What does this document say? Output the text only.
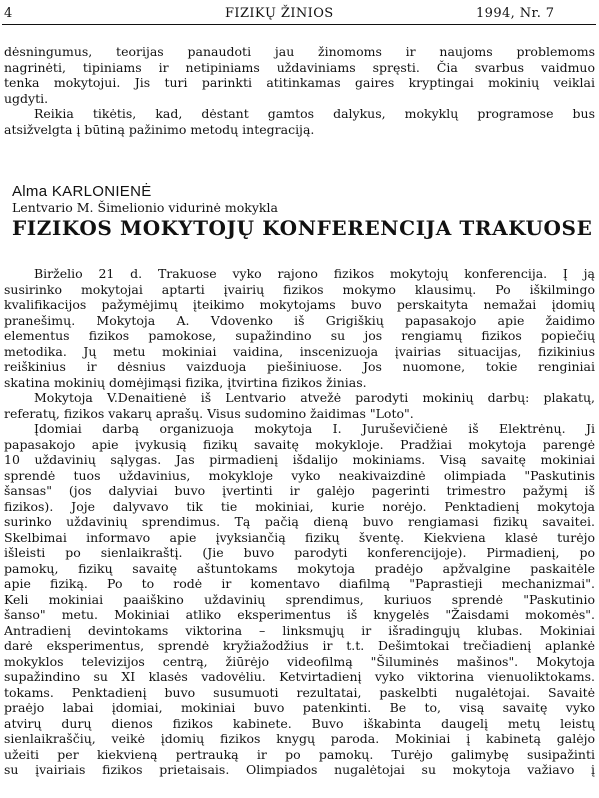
4	FIZIKŲ ŽINIOS	1994, Nr. 7
dėsningumus, teorijas panaudoti jau žinomoms ir naujoms problemoms
nagrinėti, tipiniams ir netipiniams uždaviniams spręsti. Čia svarbus vaidmuo
tenka mokytojui. Jis turi parinkti atitinkamas gaires kryptingai mokinių veiklai
ugdyti.
Reikia tikėtis, kad, dėstant gamtos dalykus, mokyklų programose bus
atsižvelgta į būtiną pažinimo metodų integraciją.
Alma KARLONIENĖ
Lentvario M. Šimelionio vidurinė mokykla
FIZIKOS MOKYTOJŲ KONFERENCIJA TRAKUOSE
Birželio 21 d. Trakuose vyko rajono fizikos mokytojų konferencija. Į ją
susirinko mokytojai aptarti įvairių fizikos mokymo klausimų. Po iškilmingo
kvalifikacijos pažymėjimų įteikimo mokytojams buvo perskaityta nemažai įdomių
pranešimų. Mokytoja A. Vdovenko iš Grigiškių papasakojo apie žaidimo
elementus fizikos pamokose, supažindino su jos rengiamų fizikos popiečių
metodika. Jų metu mokiniai vaidina, inscenizuoja įvairias situacijas, fizikinius
reiškinius ir dėsnius vaizduoja piešiniuose. Jos nuomone, tokie renginiai
skatina mokinių domėjimąsi fizika, įtvirtina fizikos žinias.
Mokytoja V.Denaitienė iš Lentvario atvežė parodyti mokinių darbų: plakatų,
referatų, fizikos vakarų aprašų. Visus sudomino žaidimas "Loto".
Įdomiai darbą organizuoja mokytoja I. Juruševičienė iš Elektrėnų. Ji
papasakojo apie įvykusią fizikų savaitę mokykloje. Pradžiai mokytoja parengė
10 uždavinių sąlygas. Jas pirmadienį išdalijo mokiniams. Visą savaitę mokiniai
sprendė tuos uždavinius, mokykloje vyko neakivaizdinė olimpiada "Paskutinis
šansas" (jos dalyviai buvo įvertinti ir galėjo pagerinti trimestro pažymį iš
fizikos). Joje dalyvavo tik tie mokiniai, kurie norėjo. Penktadienį mokytoja
surinko uždavinių sprendimus. Tą pačią dieną buvo rengiamasi fizikų savaitei.
Skelbimai informavo apie įvyksiančią fizikų šventę. Kiekviena klasė turėjo
išleisti po sienlaikraštį. (Jie buvo parodyti konferencijoje). Pirmadienį, po
pamokų, fizikų savaitę aštuntokams mokytoja pradėjo apžvalgine paskaitėle
apie fiziką. Po to rodė ir komentavo diafilmą "Paprastieji mechanizmai".
Keli mokiniai paaiškino uždavinių sprendimus, kuriuos sprendė "Paskutinio
šanso" metu. Mokiniai atliko eksperimentus iš knygelės "Žaisdami mokomės".
Antradienį devintokams viktorina – linksmųjų ir išradingųjų klubas. Mokiniai
darė eksperimentus, sprendė kryžiažodžius ir t.t. Dešimtokai trečiadienį aplankė
mokyklos televizijos centrą, žiūrėjo videofilmą "Šiluminės mašinos". Mokytoja
supažindino su XI klasės vadovėliu. Ketvirtadienį vyko viktorina vienuoliktokams.
tokams. Penktadienį buvo susumuoti rezultatai, paskelbti nugalėtojai. Savaitė
praėjo labai įdomiai, mokiniai buvo patenkinti. Be to, visą savaitę vyko
atvirų durų dienos fizikos kabinete. Buvo iškabinta daugelį metų leistų
sienlaikraščių, veikė įdomių fizikos knygų paroda. Mokiniai į kabinetą galėjo
užeiti per kiekvieną pertrauką ir po pamokų. Turėjo galimybę susipažinti
su įvairiais fizikos prietaisais. Olimpiados nugalėtojai su mokytoja važiavo į
